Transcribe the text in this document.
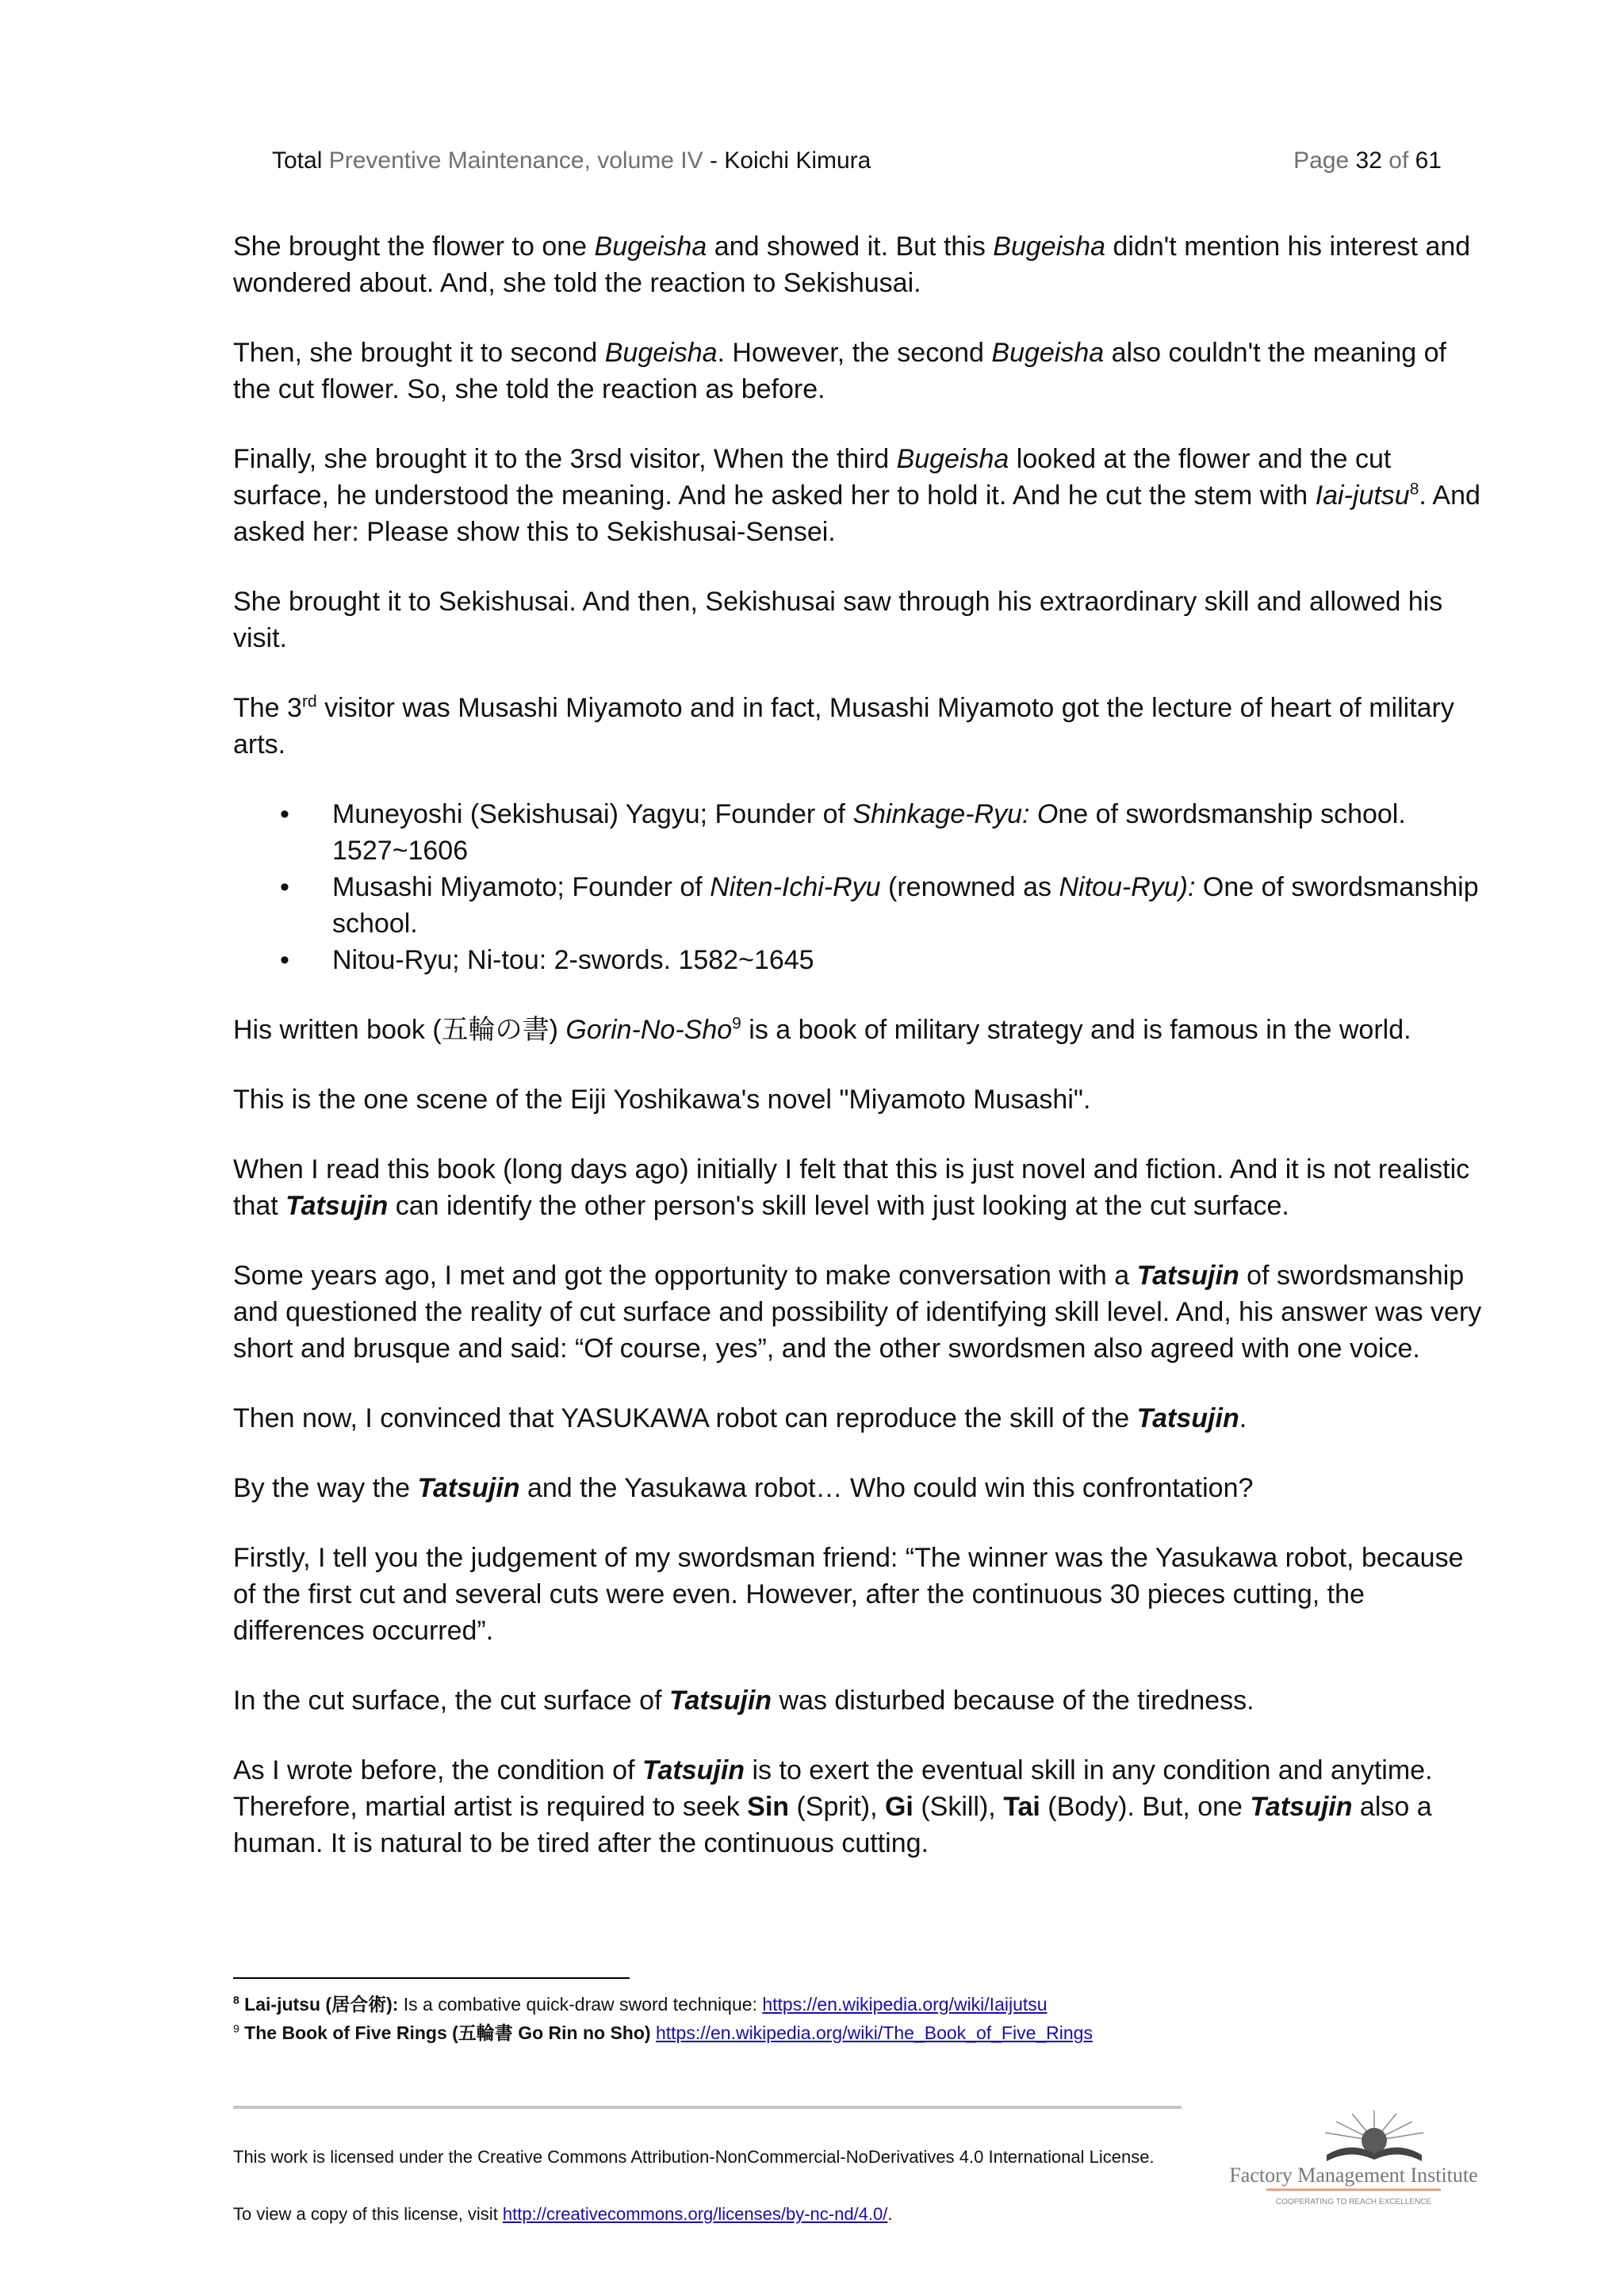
Total Preventive Maintenance, volume IV - Koichi Kimura	Page 32 of 61

She brought the flower to one Bugeisha and showed it. But this Bugeisha didn't mention his interest and wondered about. And, she told the reaction to Sekishusai.

Then, she brought it to second Bugeisha. However, the second Bugeisha also couldn't the meaning of the cut flower. So, she told the reaction as before.

Finally, she brought it to the 3rsd visitor, When the third Bugeisha looked at the flower and the cut surface, he understood the meaning. And he asked her to hold it. And he cut the stem with Iai-jutsu$^8$. And asked her: Please show this to Sekishusai-Sensei.

She brought it to Sekishusai. And then, Sekishusai saw through his extraordinary skill and allowed his visit.

The 3rd visitor was Musashi Miyamoto and in fact, Musashi Miyamoto got the lecture of heart of military arts.

• Muneyoshi (Sekishusai) Yagyu; Founder of Shinkage-Ryu: One of swordsmanship school. 1527~1606
• Musashi Miyamoto; Founder of Niten-Ichi-Ryu (renowned as Nitou-Ryu): One of swordsmanship school.
• Nitou-Ryu; Ni-tou: 2-swords. 1582~1645

His written book (五輪の書) Gorin-No-Sho$^9$ is a book of military strategy and is famous in the world.

This is the one scene of the Eiji Yoshikawa's novel "Miyamoto Musashi".

When I read this book (long days ago) initially I felt that this is just novel and fiction. And it is not realistic that Tatsujin can identify the other person's skill level with just looking at the cut surface.

Some years ago, I met and got the opportunity to make conversation with a Tatsujin of swordsmanship and questioned the reality of cut surface and possibility of identifying skill level. And, his answer was very short and brusque and said: “Of course, yes”, and the other swordsmen also agreed with one voice.

Then now, I convinced that YASUKAWA robot can reproduce the skill of the Tatsujin.

By the way the Tatsujin and the Yasukawa robot… Who could win this confrontation?

Firstly, I tell you the judgement of my swordsman friend: “The winner was the Yasukawa robot, because of the first cut and several cuts were even. However, after the continuous 30 pieces cutting, the differences occurred”.

In the cut surface, the cut surface of Tatsujin was disturbed because of the tiredness.

As I wrote before, the condition of Tatsujin is to exert the eventual skill in any condition and anytime. Therefore, martial artist is required to seek Sin (Sprit), Gi (Skill), Tai (Body). But, one Tatsujin also a human. It is natural to be tired after the continuous cutting.

$^8$ Lai-jutsu (居合術): Is a combative quick-draw sword technique: https://en.wikipedia.org/wiki/Iaijutsu
$^9$ The Book of Five Rings (五輪書 Go Rin no Sho) https://en.wikipedia.org/wiki/The_Book_of_Five_Rings
This work is licensed under the Creative Commons Attribution-NonCommercial-NoDerivatives 4.0 International License.
To view a copy of this license, visit http://creativecommons.org/licenses/by-nc-nd/4.0/.
Factory Management Institute
COOPERATING TO REACH EXCELLENCE
